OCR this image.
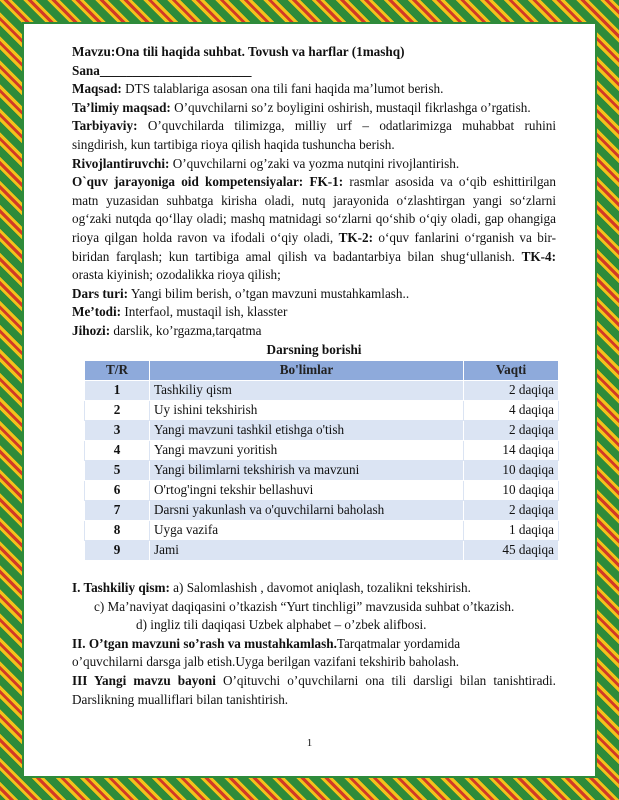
Mavzu:Ona tili haqida suhbat. Tovush va harflar (1mashq)

Sana_______________________

Maqsad: DTS talablariga asosan ona tili fani haqida ma’lumot berish.

Ta’limiy maqsad: O’quvchilarni so’z boyligini oshirish, mustaqil fikrlashga o’rgatish.

Tarbiyaviy: O’quvchilarda tilimizga, milliy urf – odatlarimizga muhabbat ruhini singdirish, kun tartibiga rioya qilish haqida tushuncha berish.

Rivojlantiruvchi: O’quvchilarni og’zaki va yozma nutqini rivojlantirish.

O`quv jarayoniga oid kompetensiyalar: FK-1: rasmlar asosida va o‘qib eshittirilgan matn yuzasidan suhbatga kirisha oladi, nutq jarayonida o‘zlashtirgan yangi so‘zlarni og‘zaki nutqda qo‘llay oladi; mashq matnidagi so‘zlarni qo‘shib o‘qiy oladi, gap ohangiga rioya qilgan holda ravon va ifodali o‘qiy oladi, TK-2: o‘quv fanlarini o‘rganish va bir-biridan farqlash; kun tartibiga amal qilish va badantarbiya bilan shug‘ullanish. TK-4: orasta kiyinish; ozodalikka rioya qilish;

Dars turi: Yangi bilim berish, o’tgan mavzuni mustahkamlash..

Me’todi: Interfaol, mustaqil ish, klasster

Jihozi: darslik, ko’rgazma,tarqatma

Darsning borishi

T/R	Bo'limlar	Vaqti
1	Tashkiliy qism	2 daqiqa
2	Uy ishini tekshirish	4 daqiqa
3	Yangi mavzuni tashkil etishga o'tish	2 daqiqa
4	Yangi mavzuni yoritish	14 daqiqa
5	Yangi bilimlarni tekshirish va mavzuni	10 daqiqa
6	O'rtog'ingni tekshir bellashuvi	10 daqiqa
7	Darsni yakunlash va o'quvchilarni baholash	2 daqiqa
8	Uyga vazifa	1 daqiqa
9	Jami	45 daqiqa

I. Tashkiliy qism: a) Salomlashish , davomot aniqlash, tozalikni tekshirish.

c) Ma’naviyat daqiqasini o’tkazish “Yurt tinchligi” mavzusida suhbat o’tkazish.

d) ingliz tili daqiqasi Uzbek alphabet – o’zbek alifbosi.

II. O’tgan mavzuni so’rash va mustahkamlash.Tarqatmalar yordamida

o’quvchilarni darsga jalb etish.Uyga berilgan vazifani tekshirib baholash.

III Yangi mavzu bayoni O’qituvchi o’quvchilarni ona tili darsligi bilan tanishtiradi. Darslikning mualliflari bilan tanishtirish.

1
